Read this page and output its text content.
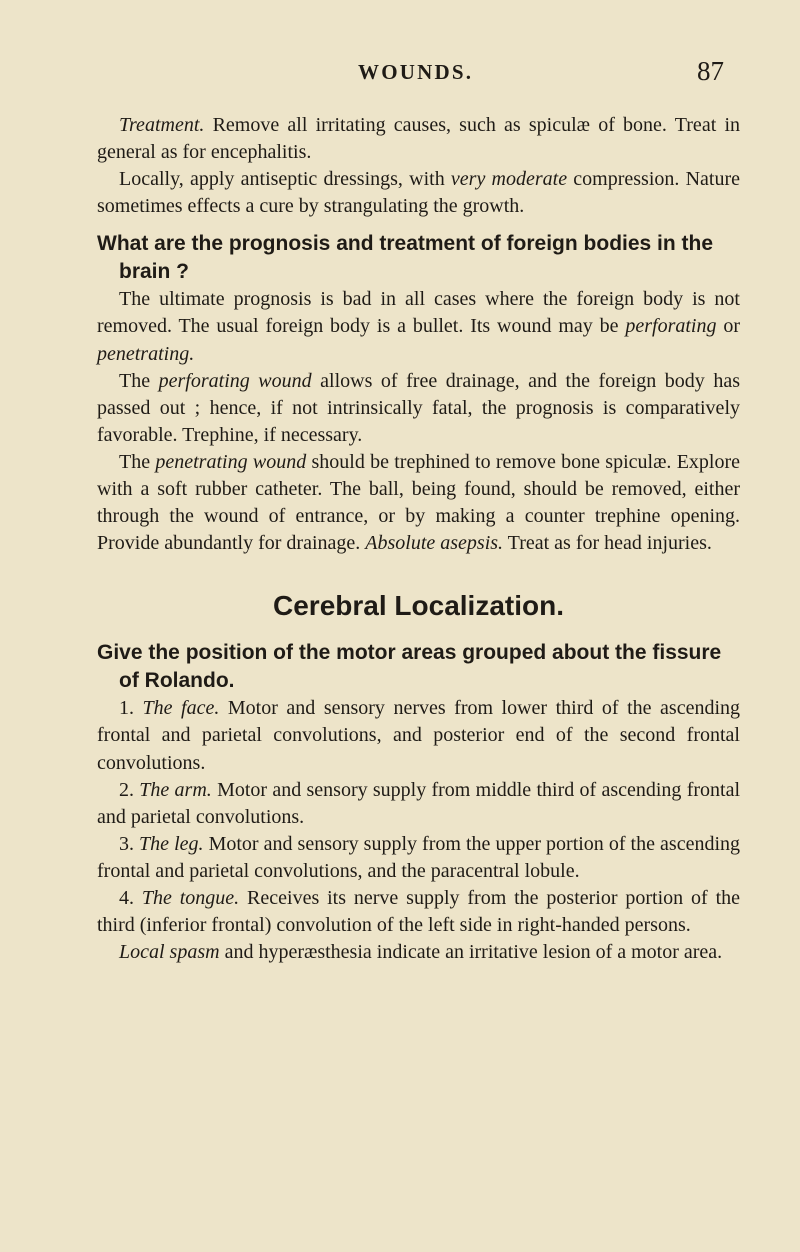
WOUNDS.	87

Treatment. Remove all irritating causes, such as spiculæ of bone. Treat in general as for encephalitis.

Locally, apply antiseptic dressings, with very moderate compression. Nature sometimes effects a cure by strangulating the growth.

What are the prognosis and treatment of foreign bodies in the brain ?

The ultimate prognosis is bad in all cases where the foreign body is not removed. The usual foreign body is a bullet. Its wound may be perforating or penetrating.

The perforating wound allows of free drainage, and the foreign body has passed out ; hence, if not intrinsically fatal, the prognosis is comparatively favorable. Trephine, if necessary.

The penetrating wound should be trephined to remove bone spiculæ. Explore with a soft rubber catheter. The ball, being found, should be removed, either through the wound of entrance, or by making a counter trephine opening. Provide abundantly for drainage. Absolute asepsis. Treat as for head injuries.

Cerebral Localization.

Give the position of the motor areas grouped about the fissure of Rolando.

1. The face. Motor and sensory nerves from lower third of the ascending frontal and parietal convolutions, and posterior end of the second frontal convolutions.

2. The arm. Motor and sensory supply from middle third of ascending frontal and parietal convolutions.

3. The leg. Motor and sensory supply from the upper portion of the ascending frontal and parietal convolutions, and the paracentral lobule.

4. The tongue. Receives its nerve supply from the posterior portion of the third (inferior frontal) convolution of the left side in right-handed persons.

Local spasm and hyperæsthesia indicate an irritative lesion of a motor area.
